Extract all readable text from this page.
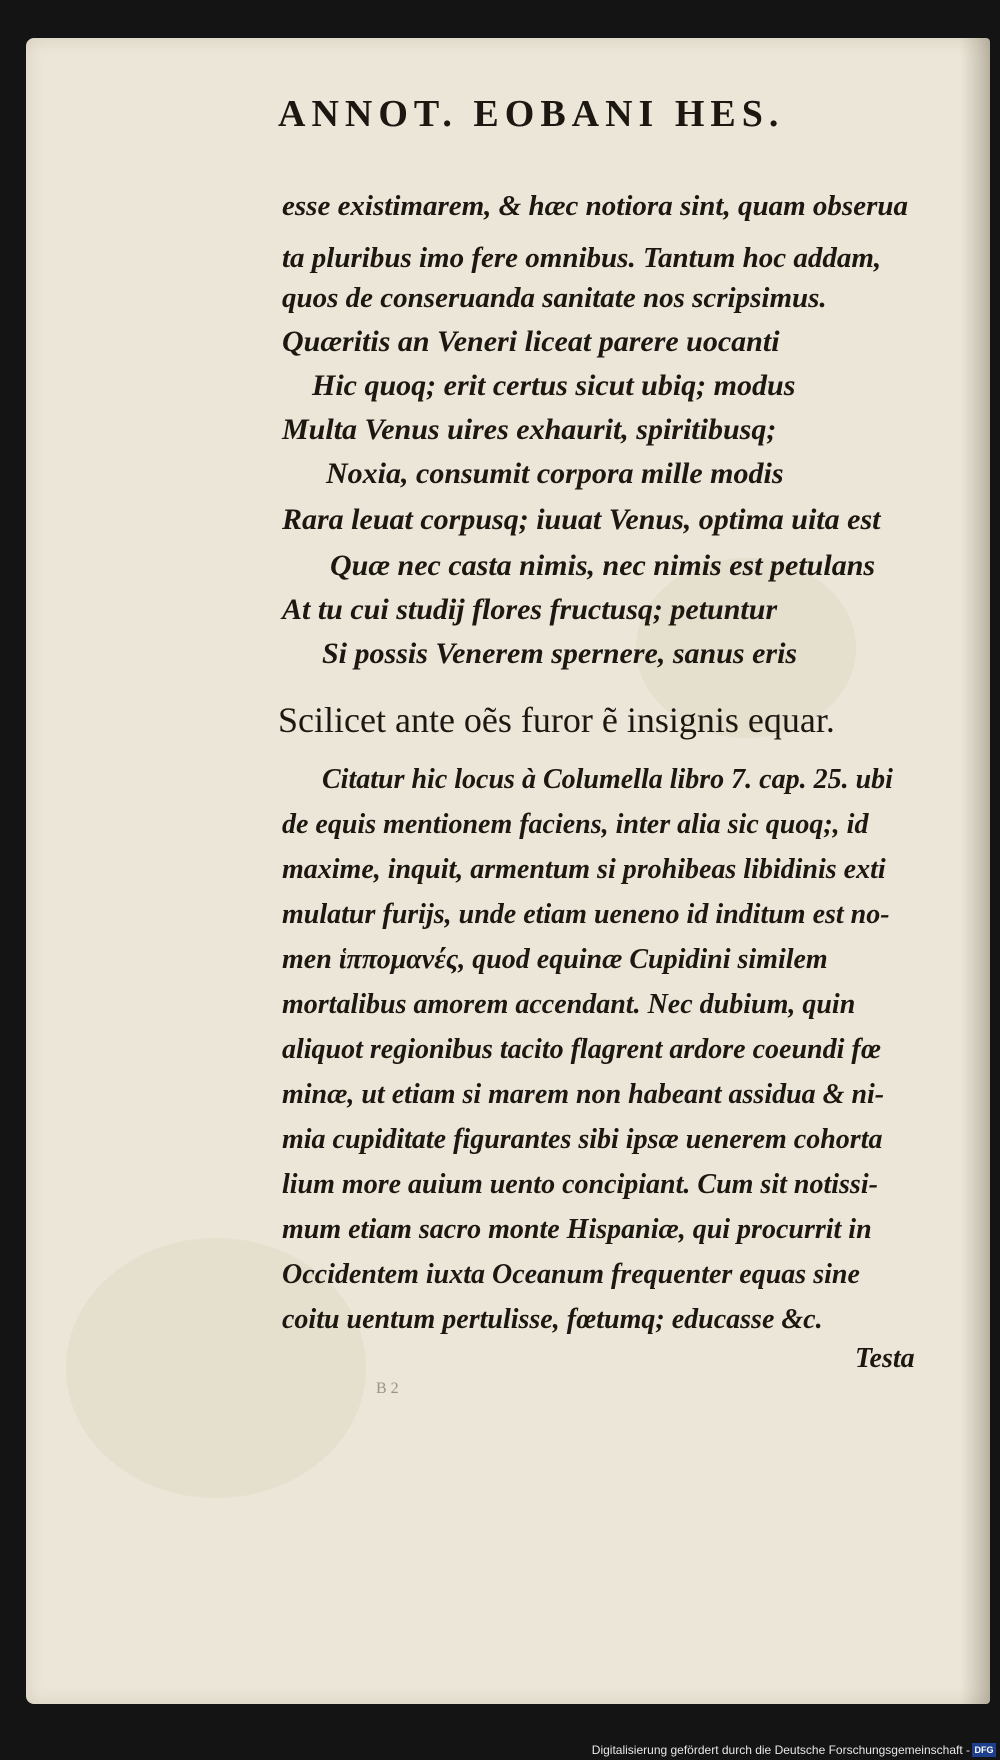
ANNOT. EOBANI HES.
esse existimarem, & hæc notiora sint, quam obserua
ta pluribus imo fere omnibus. Tantum hoc addam,
quos de conseruanda sanitate nos scripsimus.
Quæritis an Veneri liceat parere uocanti
Hic quoq; erit certus sicut ubiq; modus
Multa Venus uires exhaurit, spiritibusq;
Noxia, consumit corpora mille modis
Rara leuat corpusq; iuuat Venus, optima uita est
Quæ nec casta nimis, nec nimis est petulans
At tu cui studij flores fructusq; petuntur
Si possis Venerem spernere, sanus eris
Scilicet ante oẽs furor ẽ insignis equar.
Citatur hic locus à Columella libro 7. cap. 25. ubi
de equis mentionem faciens, inter alia sic quoq;, id
maxime, inquit, armentum si prohibeas libidinis exti
mulatur furijs, unde etiam ueneno id inditum est no-
men ἱππομανές, quod equinæ Cupidini similem
mortalibus amorem accendant. Nec dubium, quin
aliquot regionibus tacito flagrent ardore coeundi fœ
minæ, ut etiam si marem non habeant assidua & ni-
mia cupiditate figurantes sibi ipsæ uenerem cohorta
lium more auium uento concipiant. Cum sit notissi-
mum etiam sacro monte Hispaniæ, qui procurrit in
Occidentem iuxta Oceanum frequenter equas sine
coitu uentum pertulisse, fœtumq; educasse &c.
Testa
B 2
Digitalisierung gefördert durch die Deutsche Forschungsgemeinschaft - DFG
